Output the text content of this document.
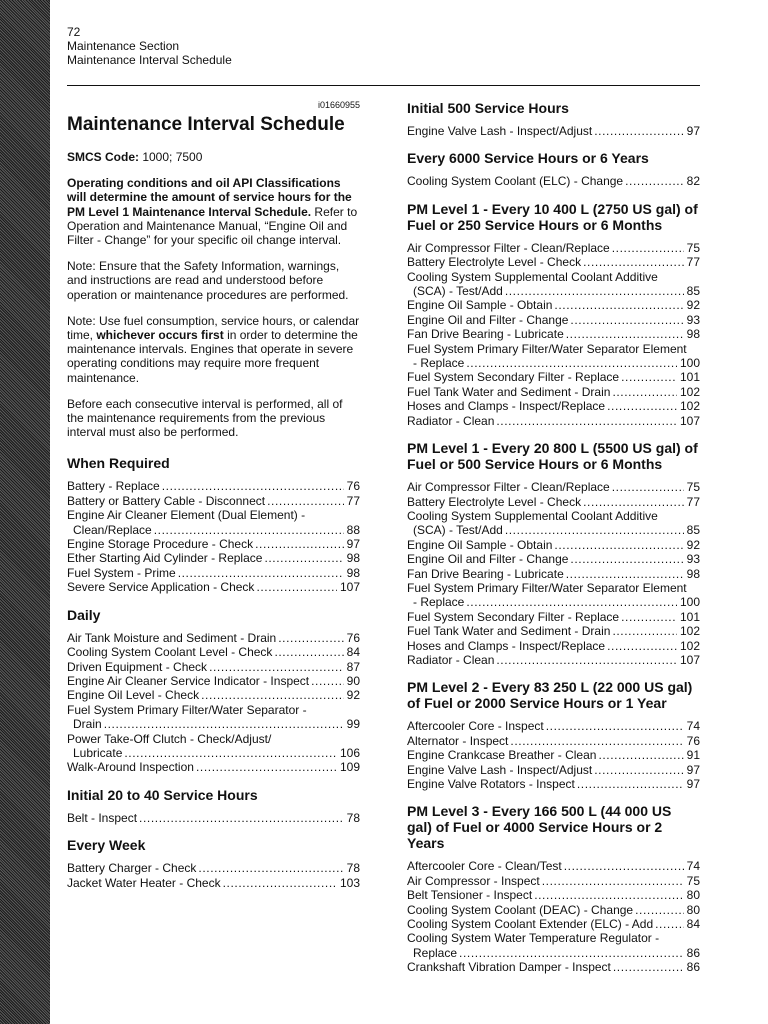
72
Maintenance Section
Maintenance Interval Schedule
i01660955
Maintenance Interval Schedule
SMCS Code: 1000; 7500
Operating conditions and oil API Classifications will determine the amount of service hours for the PM Level 1 Maintenance Interval Schedule. Refer to Operation and Maintenance Manual, “Engine Oil and Filter - Change” for your specific oil change interval.
Note: Ensure that the Safety Information, warnings, and instructions are read and understood before operation or maintenance procedures are performed.
Note: Use fuel consumption, service hours, or calendar time, whichever occurs first in order to determine the maintenance intervals. Engines that operate in severe operating conditions may require more frequent maintenance.
Before each consecutive interval is performed, all of the maintenance requirements from the previous interval must also be performed.
When Required
Battery - Replace .....	76
Battery or Battery Cable - Disconnect .....	77
Engine Air Cleaner Element (Dual Element) -
Clean/Replace .....	88
Engine Storage Procedure - Check .....	97
Ether Starting Aid Cylinder - Replace .....	98
Fuel System - Prime .....	98
Severe Service Application - Check .....	107
Daily
Air Tank Moisture and Sediment - Drain .....	76
Cooling System Coolant Level - Check .....	84
Driven Equipment - Check .....	87
Engine Air Cleaner Service Indicator - Inspect .....	90
Engine Oil Level - Check .....	92
Fuel System Primary Filter/Water Separator -
Drain .....	99
Power Take-Off Clutch - Check/Adjust/
Lubricate .....	106
Walk-Around Inspection .....	109
Initial 20 to 40 Service Hours
Belt - Inspect .....	78
Every Week
Battery Charger - Check .....	78
Jacket Water Heater - Check .....	103
Initial 500 Service Hours
Engine Valve Lash - Inspect/Adjust .....	97
Every 6000 Service Hours or 6 Years
Cooling System Coolant (ELC) - Change .....	82
PM Level 1 - Every 10 400 L (2750 US gal) of Fuel or 250 Service Hours or 6 Months
Air Compressor Filter - Clean/Replace .....	75
Battery Electrolyte Level - Check .....	77
Cooling System Supplemental Coolant Additive
(SCA) - Test/Add .....	85
Engine Oil Sample - Obtain .....	92
Engine Oil and Filter - Change .....	93
Fan Drive Bearing - Lubricate .....	98
Fuel System Primary Filter/Water Separator Element
- Replace .....	100
Fuel System Secondary Filter - Replace .....	101
Fuel Tank Water and Sediment - Drain .....	102
Hoses and Clamps - Inspect/Replace .....	102
Radiator - Clean .....	107
PM Level 1 - Every 20 800 L (5500 US gal) of Fuel or 500 Service Hours or 6 Months
Air Compressor Filter - Clean/Replace .....	75
Battery Electrolyte Level - Check .....	77
Cooling System Supplemental Coolant Additive
(SCA) - Test/Add .....	85
Engine Oil Sample - Obtain .....	92
Engine Oil and Filter - Change .....	93
Fan Drive Bearing - Lubricate .....	98
Fuel System Primary Filter/Water Separator Element
- Replace .....	100
Fuel System Secondary Filter - Replace .....	101
Fuel Tank Water and Sediment - Drain .....	102
Hoses and Clamps - Inspect/Replace .....	102
Radiator - Clean .....	107
PM Level 2 - Every 83 250 L (22 000 US gal) of Fuel or 2000 Service Hours or 1 Year
Aftercooler Core - Inspect .....	74
Alternator - Inspect .....	76
Engine Crankcase Breather - Clean .....	91
Engine Valve Lash - Inspect/Adjust .....	97
Engine Valve Rotators - Inspect .....	97
PM Level 3 - Every 166 500 L (44 000 US gal) of Fuel or 4000 Service Hours or 2 Years
Aftercooler Core - Clean/Test .....	74
Air Compressor - Inspect .....	75
Belt Tensioner - Inspect .....	80
Cooling System Coolant (DEAC) - Change .....	80
Cooling System Coolant Extender (ELC) - Add .....	84
Cooling System Water Temperature Regulator -
Replace .....	86
Crankshaft Vibration Damper - Inspect .....	86
